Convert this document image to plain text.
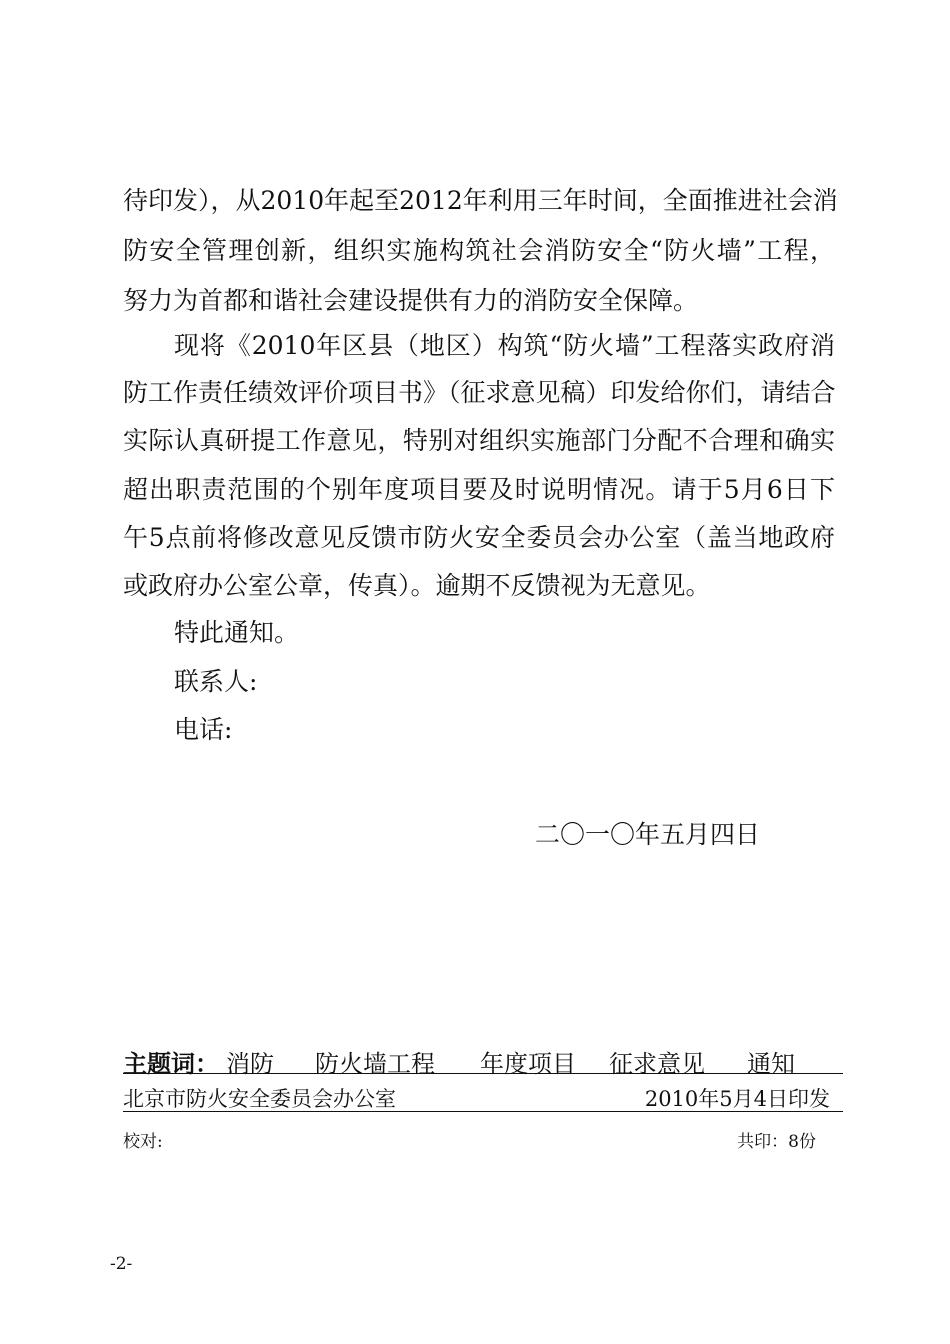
待印发），从2010年起至2012年利用三年时间，全面推进社会消
防安全管理创新，组织实施构筑社会消防安全“防火墙”工程，
努力为首都和谐社会建设提供有力的消防安全保障。
现将《2010年区县（地区）构筑“防火墙”工程落实政府消
防工作责任绩效评价项目书》（征求意见稿）印发给你们，请结合
实际认真研提工作意见，特别对组织实施部门分配不合理和确实
超出职责范围的个别年度项目要及时说明情况。请于5月6日下
午5点前将修改意见反馈市防火安全委员会办公室（盖当地政府
或政府办公室公章，传真）。逾期不反馈视为无意见。
特此通知。
联系人:
电话:
二〇一〇年五月四日
主题词： 消防 防火墙工程 年度项目 征求意见 通知
北京市防火安全委员会办公室	2010年5月4日印发
校对:	共印：8份
-2-
